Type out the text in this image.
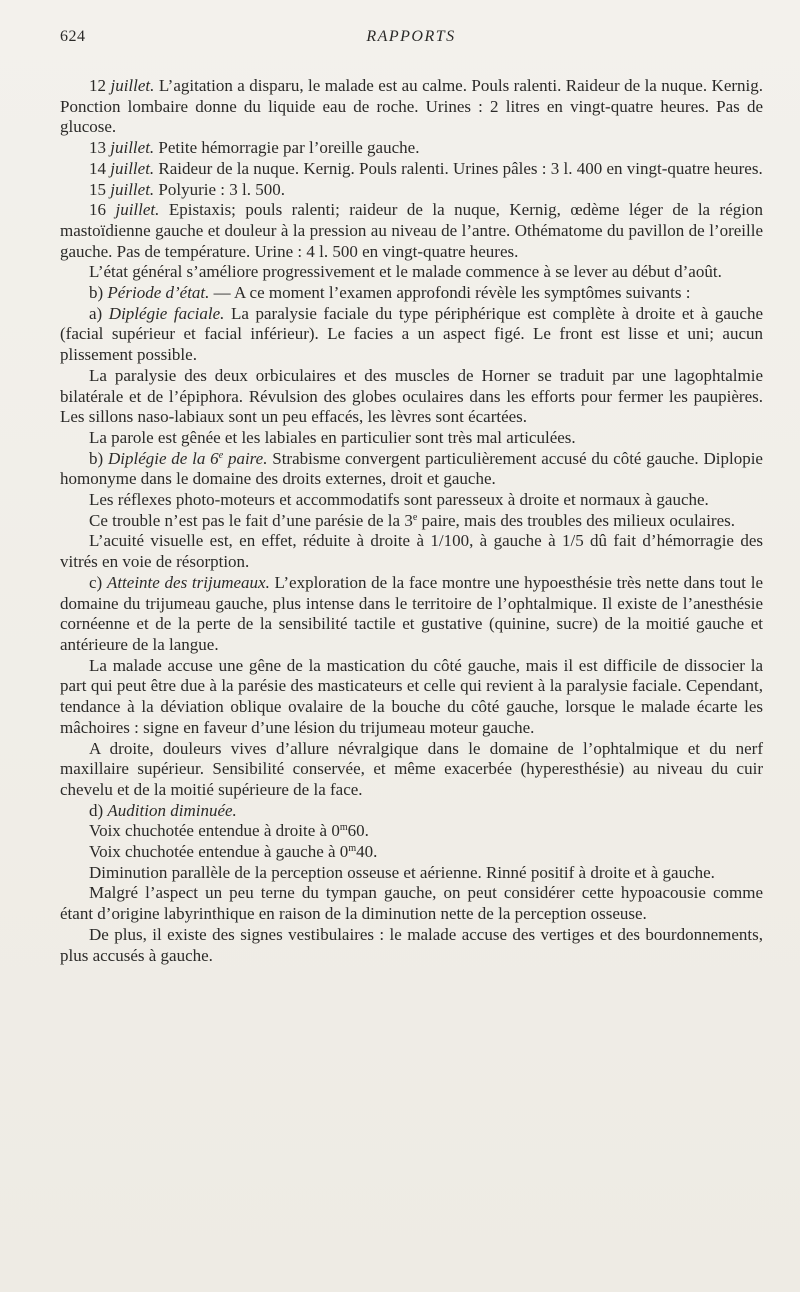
624	RAPPORTS

12 juillet. L’agitation a disparu, le malade est au calme. Pouls ralenti. Raideur de la nuque. Kernig. Ponction lombaire donne du liquide eau de roche. Urines : 2 litres en vingt-quatre heures. Pas de glucose.

13 juillet. Petite hémorragie par l’oreille gauche.

14 juillet. Raideur de la nuque. Kernig. Pouls ralenti. Urines pâles : 3 l. 400 en vingt-quatre heures.

15 juillet. Polyurie : 3 l. 500.

16 juillet. Epistaxis; pouls ralenti; raideur de la nuque, Kernig, œdème léger de la région mastoïdienne gauche et douleur à la pression au niveau de l’antre. Othématome du pavillon de l’oreille gauche. Pas de température. Urine : 4 l. 500 en vingt-quatre heures.

L’état général s’améliore progressivement et le malade commence à se lever au début d’août.

b) Période d’état. — A ce moment l’examen approfondi révèle les symptômes suivants :

a) Diplégie faciale. La paralysie faciale du type périphérique est complète à droite et à gauche (facial supérieur et facial inférieur). Le facies a un aspect figé. Le front est lisse et uni; aucun plissement possible.

La paralysie des deux orbiculaires et des muscles de Horner se traduit par une lagophtalmie bilatérale et de l’épiphora. Révulsion des globes oculaires dans les efforts pour fermer les paupières. Les sillons naso-labiaux sont un peu effacés, les lèvres sont écartées.

La parole est gênée et les labiales en particulier sont très mal articulées.

b) Diplégie de la 6e paire. Strabisme convergent particulièrement accusé du côté gauche. Diplopie homonyme dans le domaine des droits externes, droit et gauche.

Les réflexes photo-moteurs et accommodatifs sont paresseux à droite et normaux à gauche.

Ce trouble n’est pas le fait d’une parésie de la 3e paire, mais des troubles des milieux oculaires.

L’acuité visuelle est, en effet, réduite à droite à 1/100, à gauche à 1/5 dû fait d’hémorragie des vitrés en voie de résorption.

c) Atteinte des trijumeaux. L’exploration de la face montre une hypoesthésie très nette dans tout le domaine du trijumeau gauche, plus intense dans le territoire de l’ophtalmique. Il existe de l’anesthésie cornéenne et de la perte de la sensibilité tactile et gustative (quinine, sucre) de la moitié gauche et antérieure de la langue.

La malade accuse une gêne de la mastication du côté gauche, mais il est difficile de dissocier la part qui peut être due à la parésie des masticateurs et celle qui revient à la paralysie faciale. Cependant, tendance à la déviation oblique ovalaire de la bouche du côté gauche, lorsque le malade écarte les mâchoires : signe en faveur d’une lésion du trijumeau moteur gauche.

A droite, douleurs vives d’allure névralgique dans le domaine de l’ophtalmique et du nerf maxillaire supérieur. Sensibilité conservée, et même exacerbée (hyperesthésie) au niveau du cuir chevelu et de la moitié supérieure de la face.

d) Audition diminuée.

Voix chuchotée entendue à droite à 0$^m$60.

Voix chuchotée entendue à gauche à 0$^m$40.

Diminution parallèle de la perception osseuse et aérienne. Rinné positif à droite et à gauche.

Malgré l’aspect un peu terne du tympan gauche, on peut considérer cette hypoacousie comme étant d’origine labyrinthique en raison de la diminution nette de la perception osseuse.

De plus, il existe des signes vestibulaires : le malade accuse des vertiges et des bourdonnements, plus accusés à gauche.
